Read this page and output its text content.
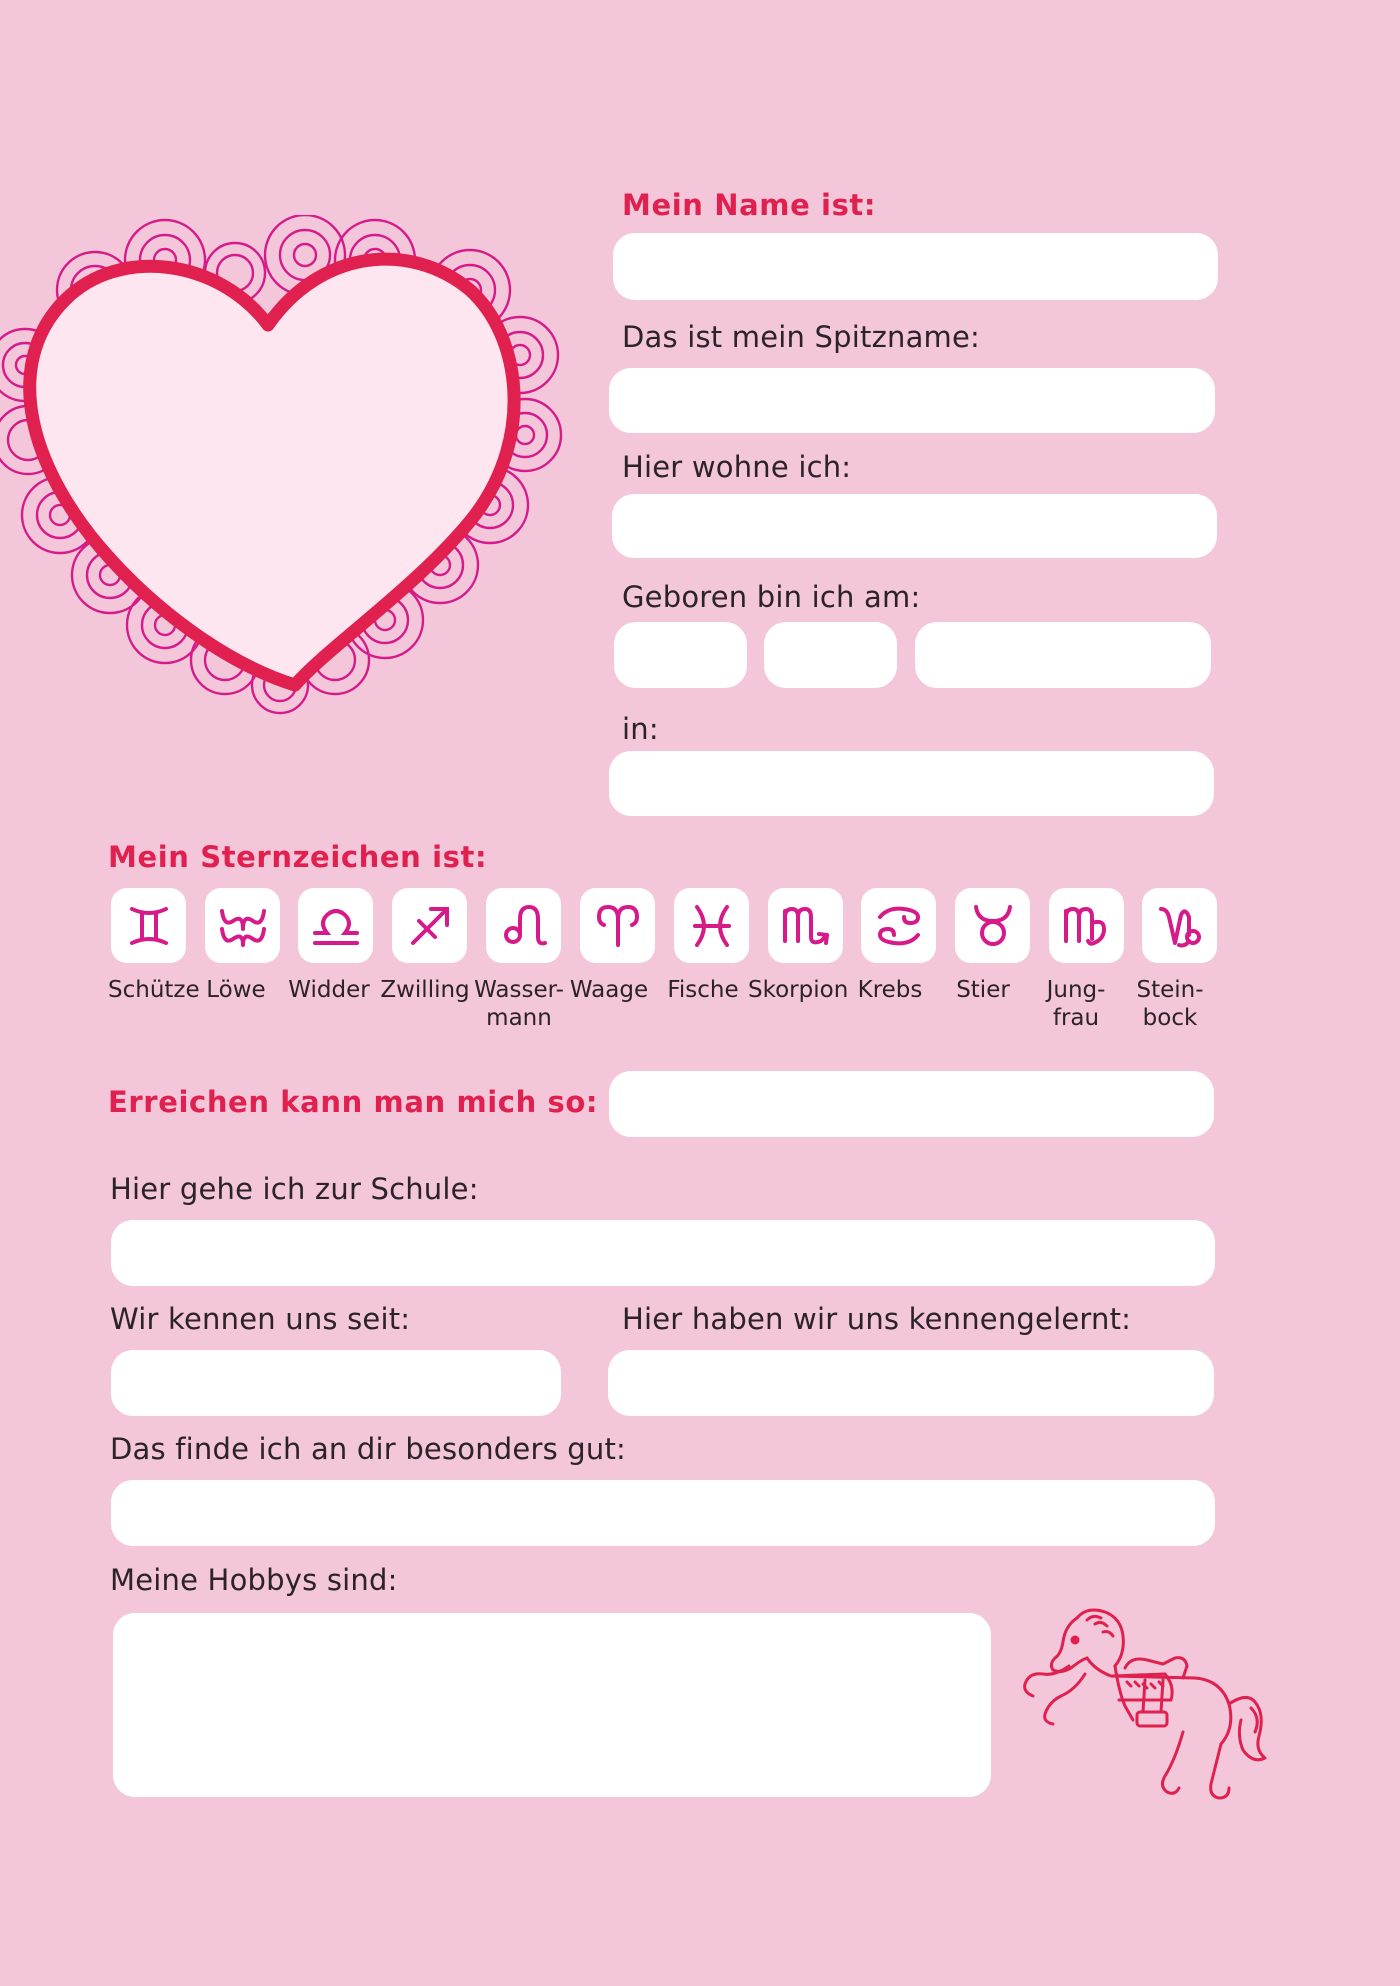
Mein Name ist:
Das ist mein Spitzname:
Hier wohne ich:
Geboren bin ich am:
in:
Mein Sternzeichen ist:
Schütze Löwe Widder Zwilling Wasser-
mann
Waage Fische Skorpion Krebs	Stier	Jung-
frau
Stein-
bock
Erreichen kann man mich so:
Hier gehe ich zur Schule:
Wir kennen uns seit:	Hier haben wir uns kennengelernt:
Das finde ich an dir besonders gut:
Meine Hobbys sind:
